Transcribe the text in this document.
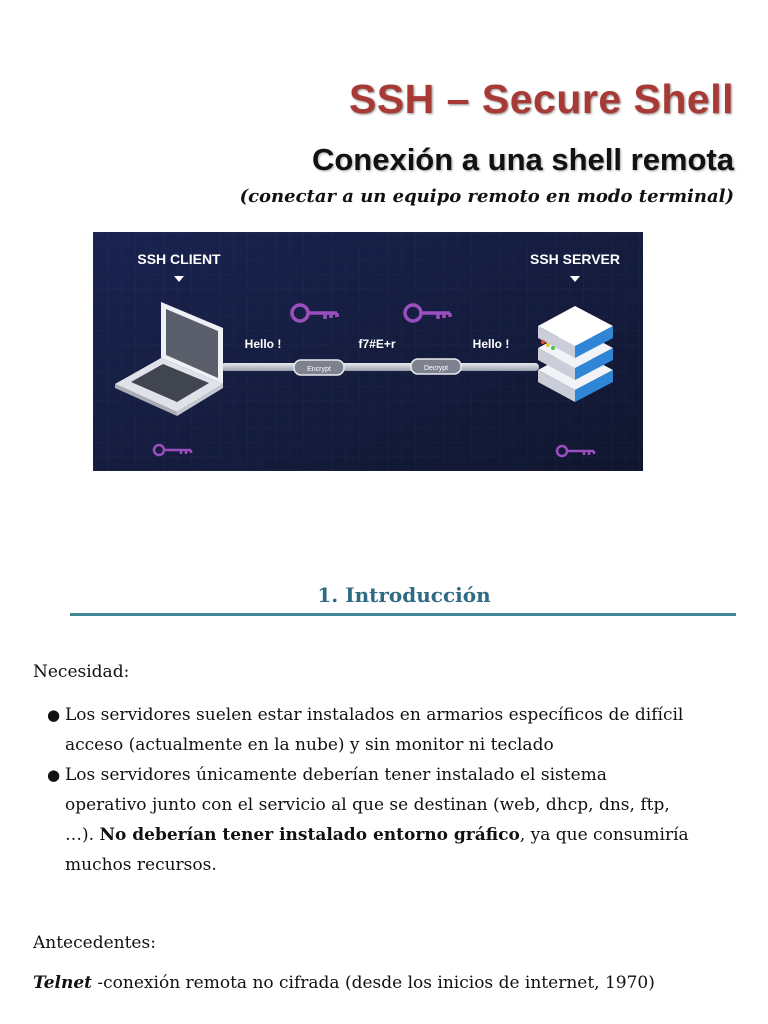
SSH – Secure Shell
Conexión a una shell remota

(conectar a un equipo remoto en modo terminal)

SSH CLIENT	SSH SERVER
Hello !	f7#E+r	Hello !
Encrypt	Decrypt
1. Introducción

Necesidad:

● Los servidores suelen estar instalados en armarios específicos de difícil
acceso (actualmente en la nube) y sin monitor ni teclado
● Los servidores únicamente deberían tener instalado el sistema
operativo junto con el servicio al que se destinan (web, dhcp, dns, ftp,
…). No deberían tener instalado entorno gráfico, ya que consumiría
muchos recursos.

Antecedentes:

Telnet -conexión remota no cifrada (desde los inicios de internet, 1970)
